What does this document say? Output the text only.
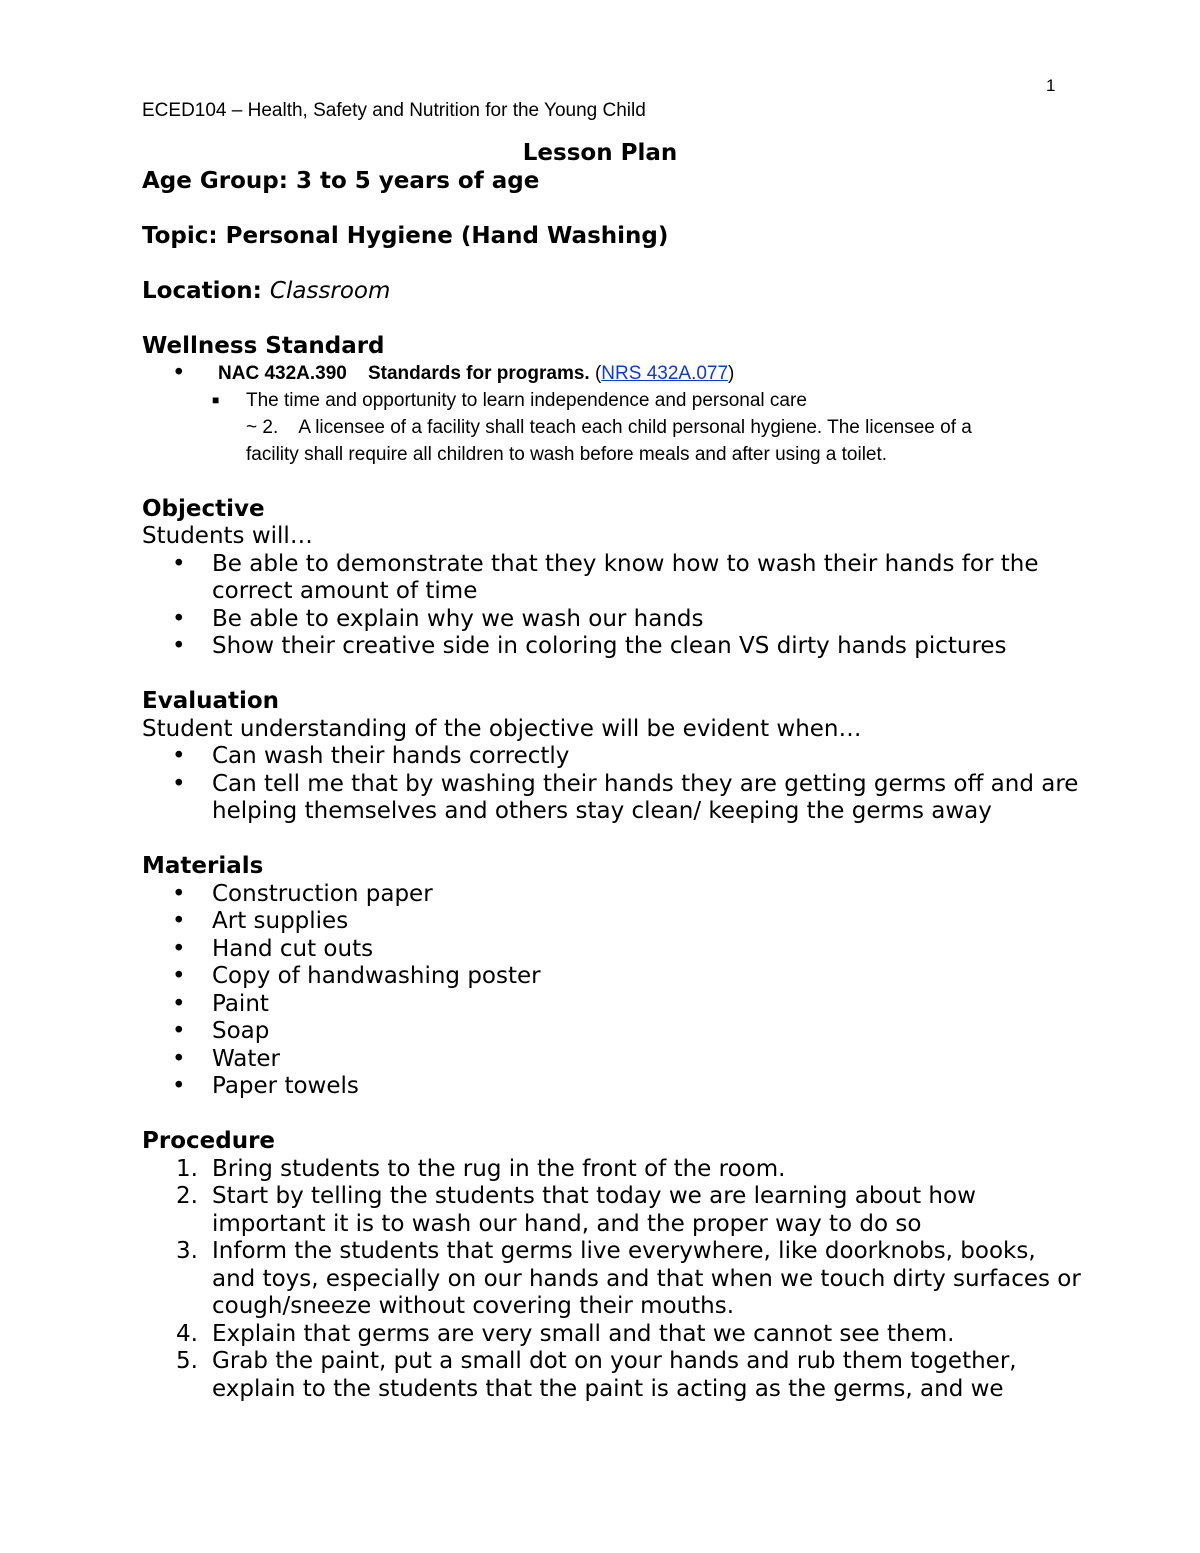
1
ECED104 – Health, Safety and Nutrition for the Young Child
Lesson Plan
Age Group: 3 to 5 years of age
Topic: Personal Hygiene (Hand Washing)
Location: Classroom
Wellness Standard
• NAC 432A.390 Standards for programs. (NRS 432A.077)
■ The time and opportunity to learn independence and personal care
~ 2. A licensee of a facility shall teach each child personal hygiene. The licensee of a
facility shall require all children to wash before meals and after using a toilet.
Objective
Students will…
• Be able to demonstrate that they know how to wash their hands for the correct amount of time
• Be able to explain why we wash our hands
• Show their creative side in coloring the clean VS dirty hands pictures
Evaluation
Student understanding of the objective will be evident when…
• Can wash their hands correctly
• Can tell me that by washing their hands they are getting germs off and are helping themselves and others stay clean/ keeping the germs away
Materials
• Construction paper
• Art supplies
• Hand cut outs
• Copy of handwashing poster
• Paint
• Soap
• Water
• Paper towels
Procedure
1. Bring students to the rug in the front of the room.
2. Start by telling the students that today we are learning about how important it is to wash our hand, and the proper way to do so
3. Inform the students that germs live everywhere, like doorknobs, books, and toys, especially on our hands and that when we touch dirty surfaces or cough/sneeze without covering their mouths.
4. Explain that germs are very small and that we cannot see them.
5. Grab the paint, put a small dot on your hands and rub them together, explain to the students that the paint is acting as the germs, and we
